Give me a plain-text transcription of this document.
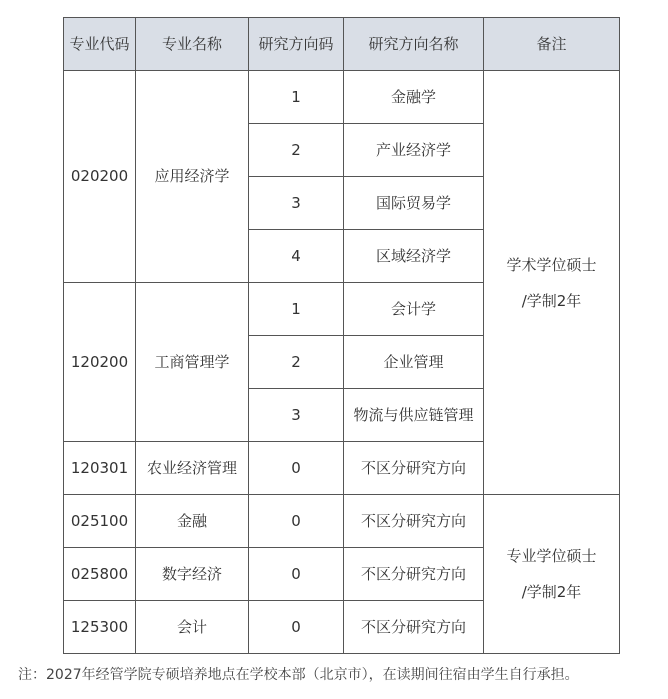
专业代码	专业名称	研究方向码	研究方向名称	备注
020200	应用经济学	1	金融学	学术学位硕士
/学制2年

		2	产业经济学	
		3	国际贸易学	
		4	区域经济学	
120200	工商管理学	1	会计学	
		2	企业管理	
		3	物流与供应链管理	
120301	农业经济管理	0	不区分研究方向	
025100	金融	0	不区分研究方向	专业学位硕士
/学制2年

025800	数字经济	0	不区分研究方向	
125300	会计	0	不区分研究方向	
注：2027年经管学院专硕培养地点在学校本部（北京市），在读期间往宿由学生自行承担。
